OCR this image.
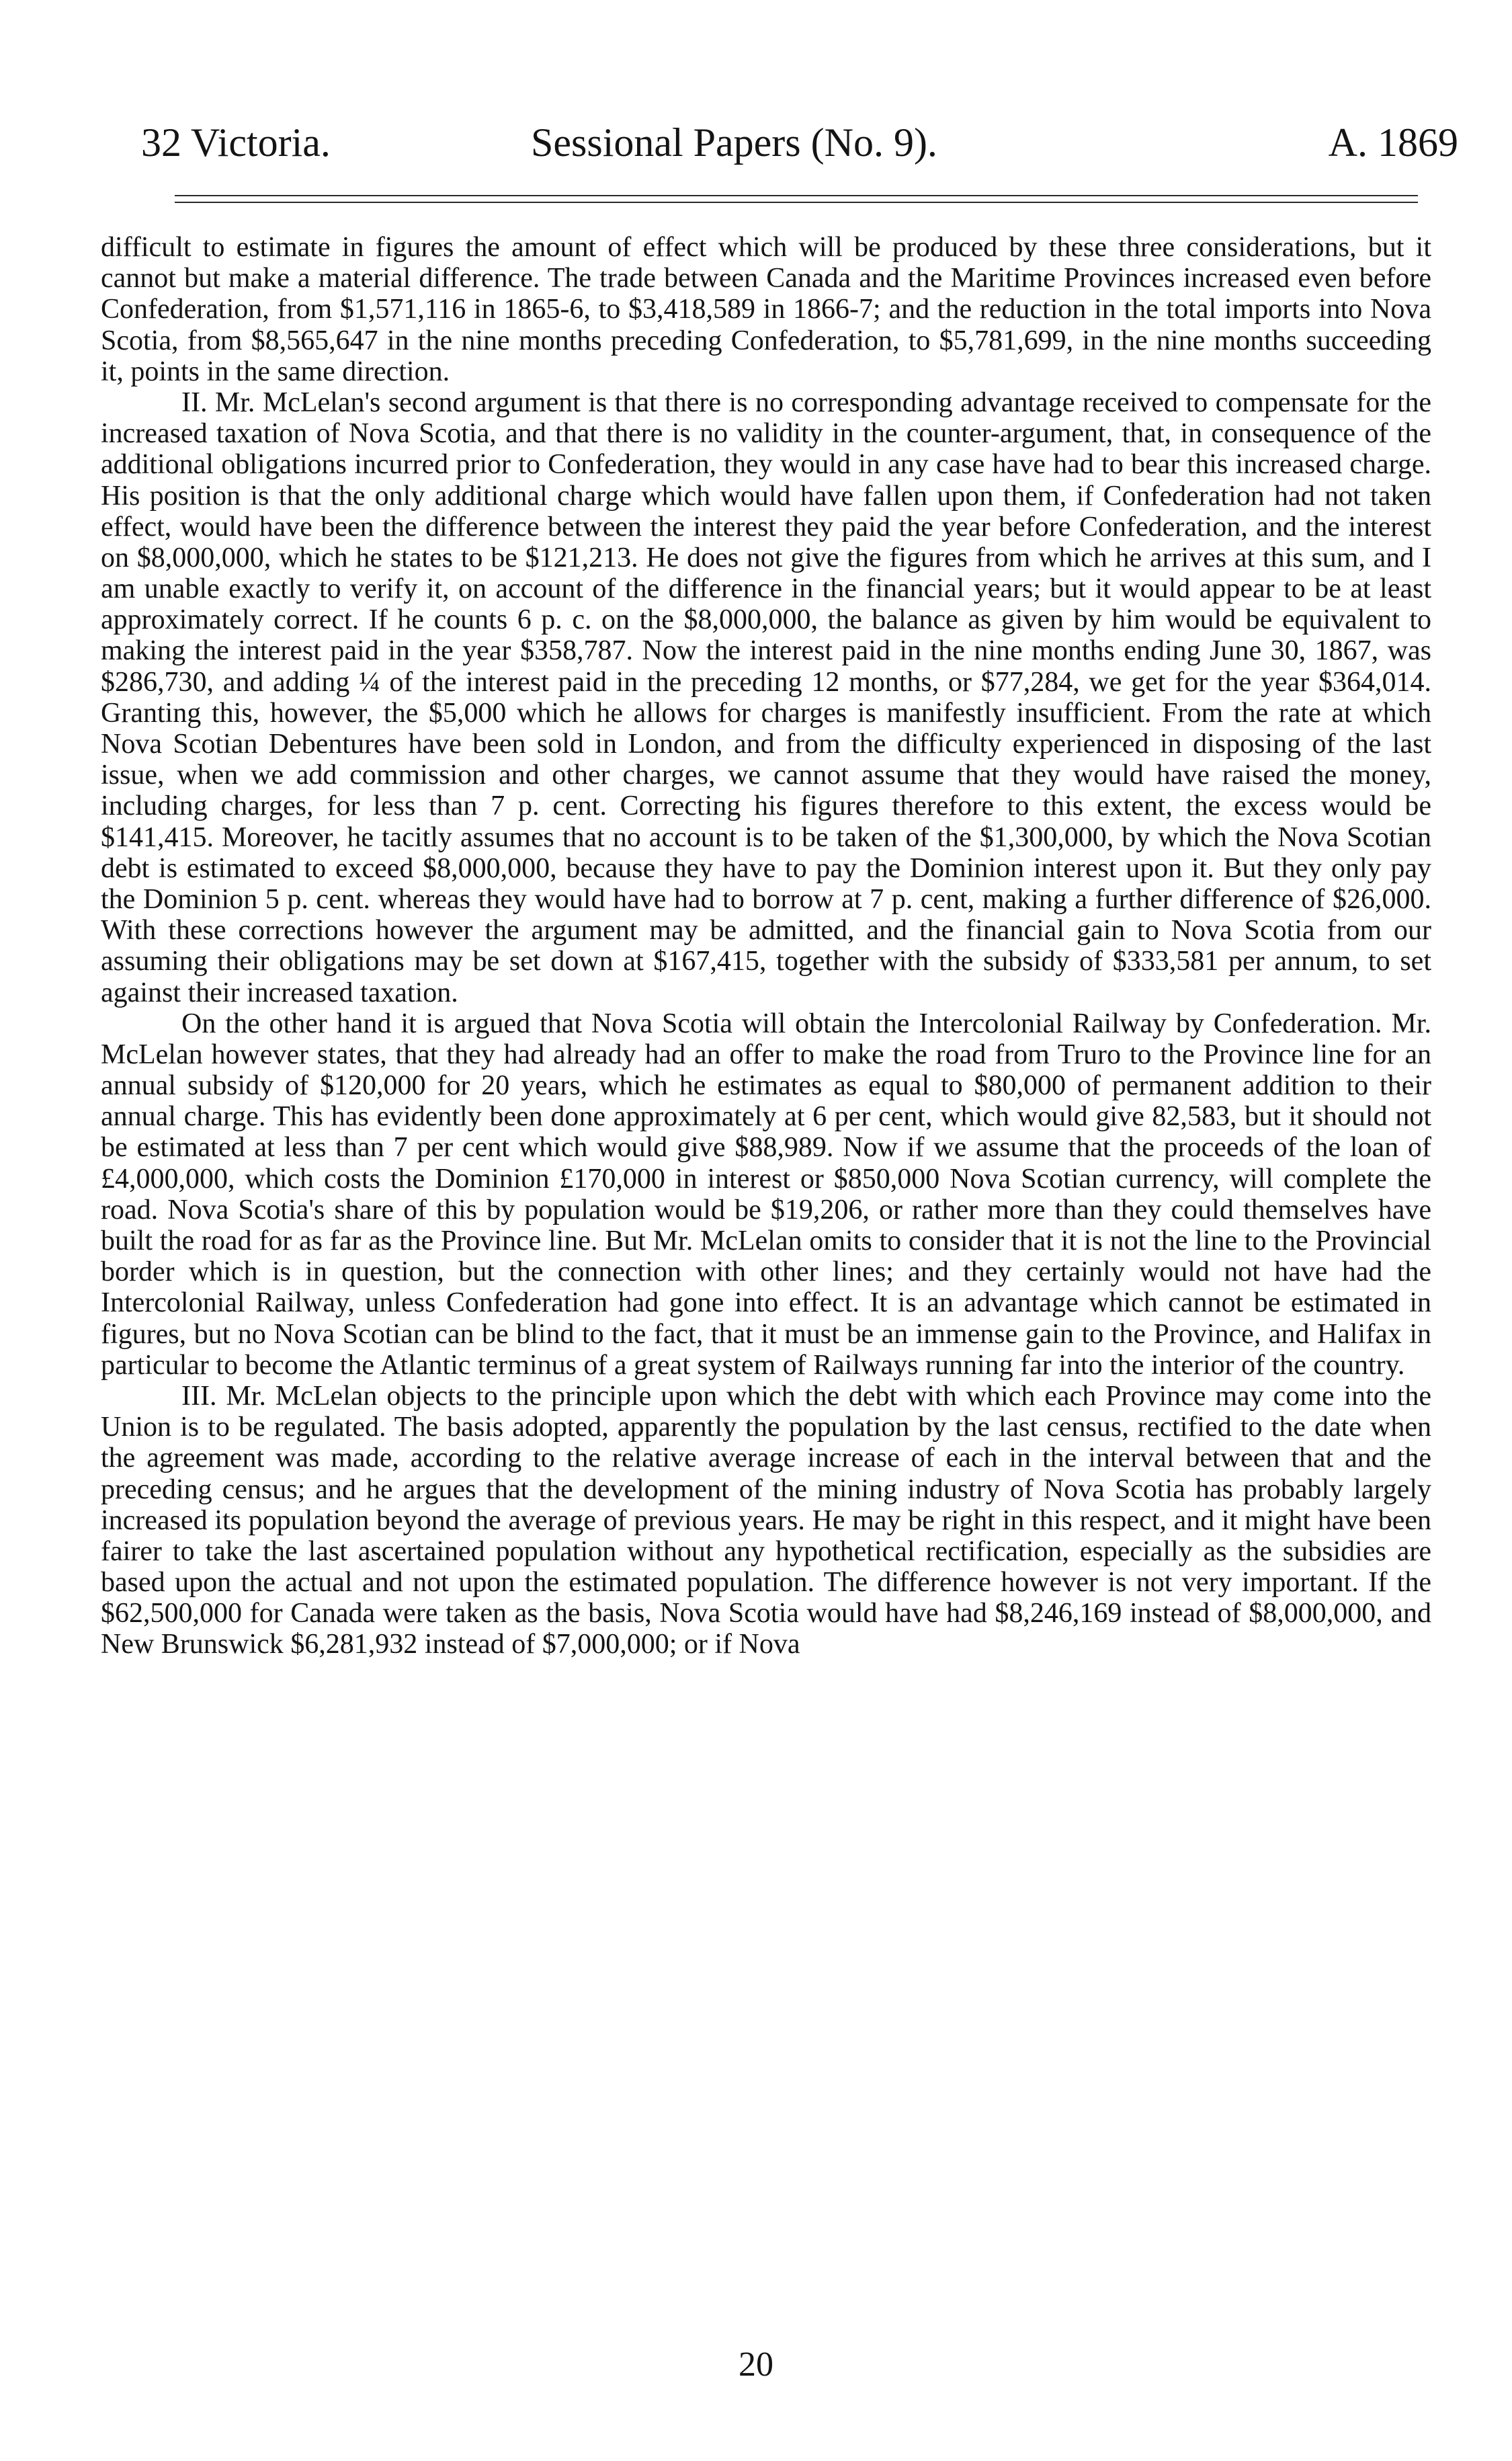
32 Victoria.	Sessional Papers (No. 9).	A. 1869

difficult to estimate in figures the amount of effect which will be produced by these three considerations, but it cannot but make a material difference. The trade between Canada and the Maritime Provinces increased even before Confederation, from $1,571,116 in 1865-6, to $3,418,589 in 1866-7; and the reduction in the total imports into Nova Scotia, from $8,565,647 in the nine months preceding Confederation, to $5,781,699, in the nine months succeeding it, points in the same direction.

II. Mr. McLelan's second argument is that there is no corresponding advantage received to compensate for the increased taxation of Nova Scotia, and that there is no validity in the counter-argument, that, in consequence of the additional obligations incurred prior to Confederation, they would in any case have had to bear this increased charge. His position is that the only additional charge which would have fallen upon them, if Confederation had not taken effect, would have been the difference between the interest they paid the year before Confederation, and the interest on $8,000,000, which he states to be $121,213. He does not give the figures from which he arrives at this sum, and I am unable exactly to verify it, on account of the difference in the financial years; but it would appear to be at least approximately correct. If he counts 6 p. c. on the $8,000,000, the balance as given by him would be equivalent to making the interest paid in the year $358,787. Now the interest paid in the nine months ending June 30, 1867, was $286,730, and adding ¼ of the interest paid in the preceding 12 months, or $77,284, we get for the year $364,014. Granting this, however, the $5,000 which he allows for charges is manifestly insufficient. From the rate at which Nova Scotian Debentures have been sold in London, and from the difficulty experienced in disposing of the last issue, when we add commission and other charges, we cannot assume that they would have raised the money, including charges, for less than 7 p. cent. Correcting his figures therefore to this extent, the excess would be $141,415. Moreover, he tacitly assumes that no account is to be taken of the $1,300,000, by which the Nova Scotian debt is estimated to exceed $8,000,000, because they have to pay the Dominion interest upon it. But they only pay the Dominion 5 p. cent. whereas they would have had to borrow at 7 p. cent, making a further difference of $26,000. With these corrections however the argument may be admitted, and the financial gain to Nova Scotia from our assuming their obligations may be set down at $167,415, together with the subsidy of $333,581 per annum, to set against their increased taxation.

On the other hand it is argued that Nova Scotia will obtain the Intercolonial Railway by Confederation. Mr. McLelan however states, that they had already had an offer to make the road from Truro to the Province line for an annual subsidy of $120,000 for 20 years, which he estimates as equal to $80,000 of permanent addition to their annual charge. This has evidently been done approximately at 6 per cent, which would give 82,583, but it should not be estimated at less than 7 per cent which would give $88,989. Now if we assume that the proceeds of the loan of £4,000,000, which costs the Dominion £170,000 in interest or $850,000 Nova Scotian currency, will complete the road. Nova Scotia's share of this by population would be $19,206, or rather more than they could themselves have built the road for as far as the Province line. But Mr. McLelan omits to consider that it is not the line to the Provincial border which is in question, but the connection with other lines; and they certainly would not have had the Intercolonial Railway, unless Confederation had gone into effect. It is an advantage which cannot be estimated in figures, but no Nova Scotian can be blind to the fact, that it must be an immense gain to the Province, and Halifax in particular to become the Atlantic terminus of a great system of Railways running far into the interior of the country.

III. Mr. McLelan objects to the principle upon which the debt with which each Province may come into the Union is to be regulated. The basis adopted, apparently the population by the last census, rectified to the date when the agreement was made, according to the relative average increase of each in the interval between that and the preceding census; and he argues that the development of the mining industry of Nova Scotia has probably largely increased its population beyond the average of previous years. He may be right in this respect, and it might have been fairer to take the last ascertained population without any hypothetical rectification, especially as the subsidies are based upon the actual and not upon the estimated population. The difference however is not very important. If the $62,500,000 for Canada were taken as the basis, Nova Scotia would have had $8,246,169 instead of $8,000,000, and New Brunswick $6,281,932 instead of $7,000,000; or if Nova

20
